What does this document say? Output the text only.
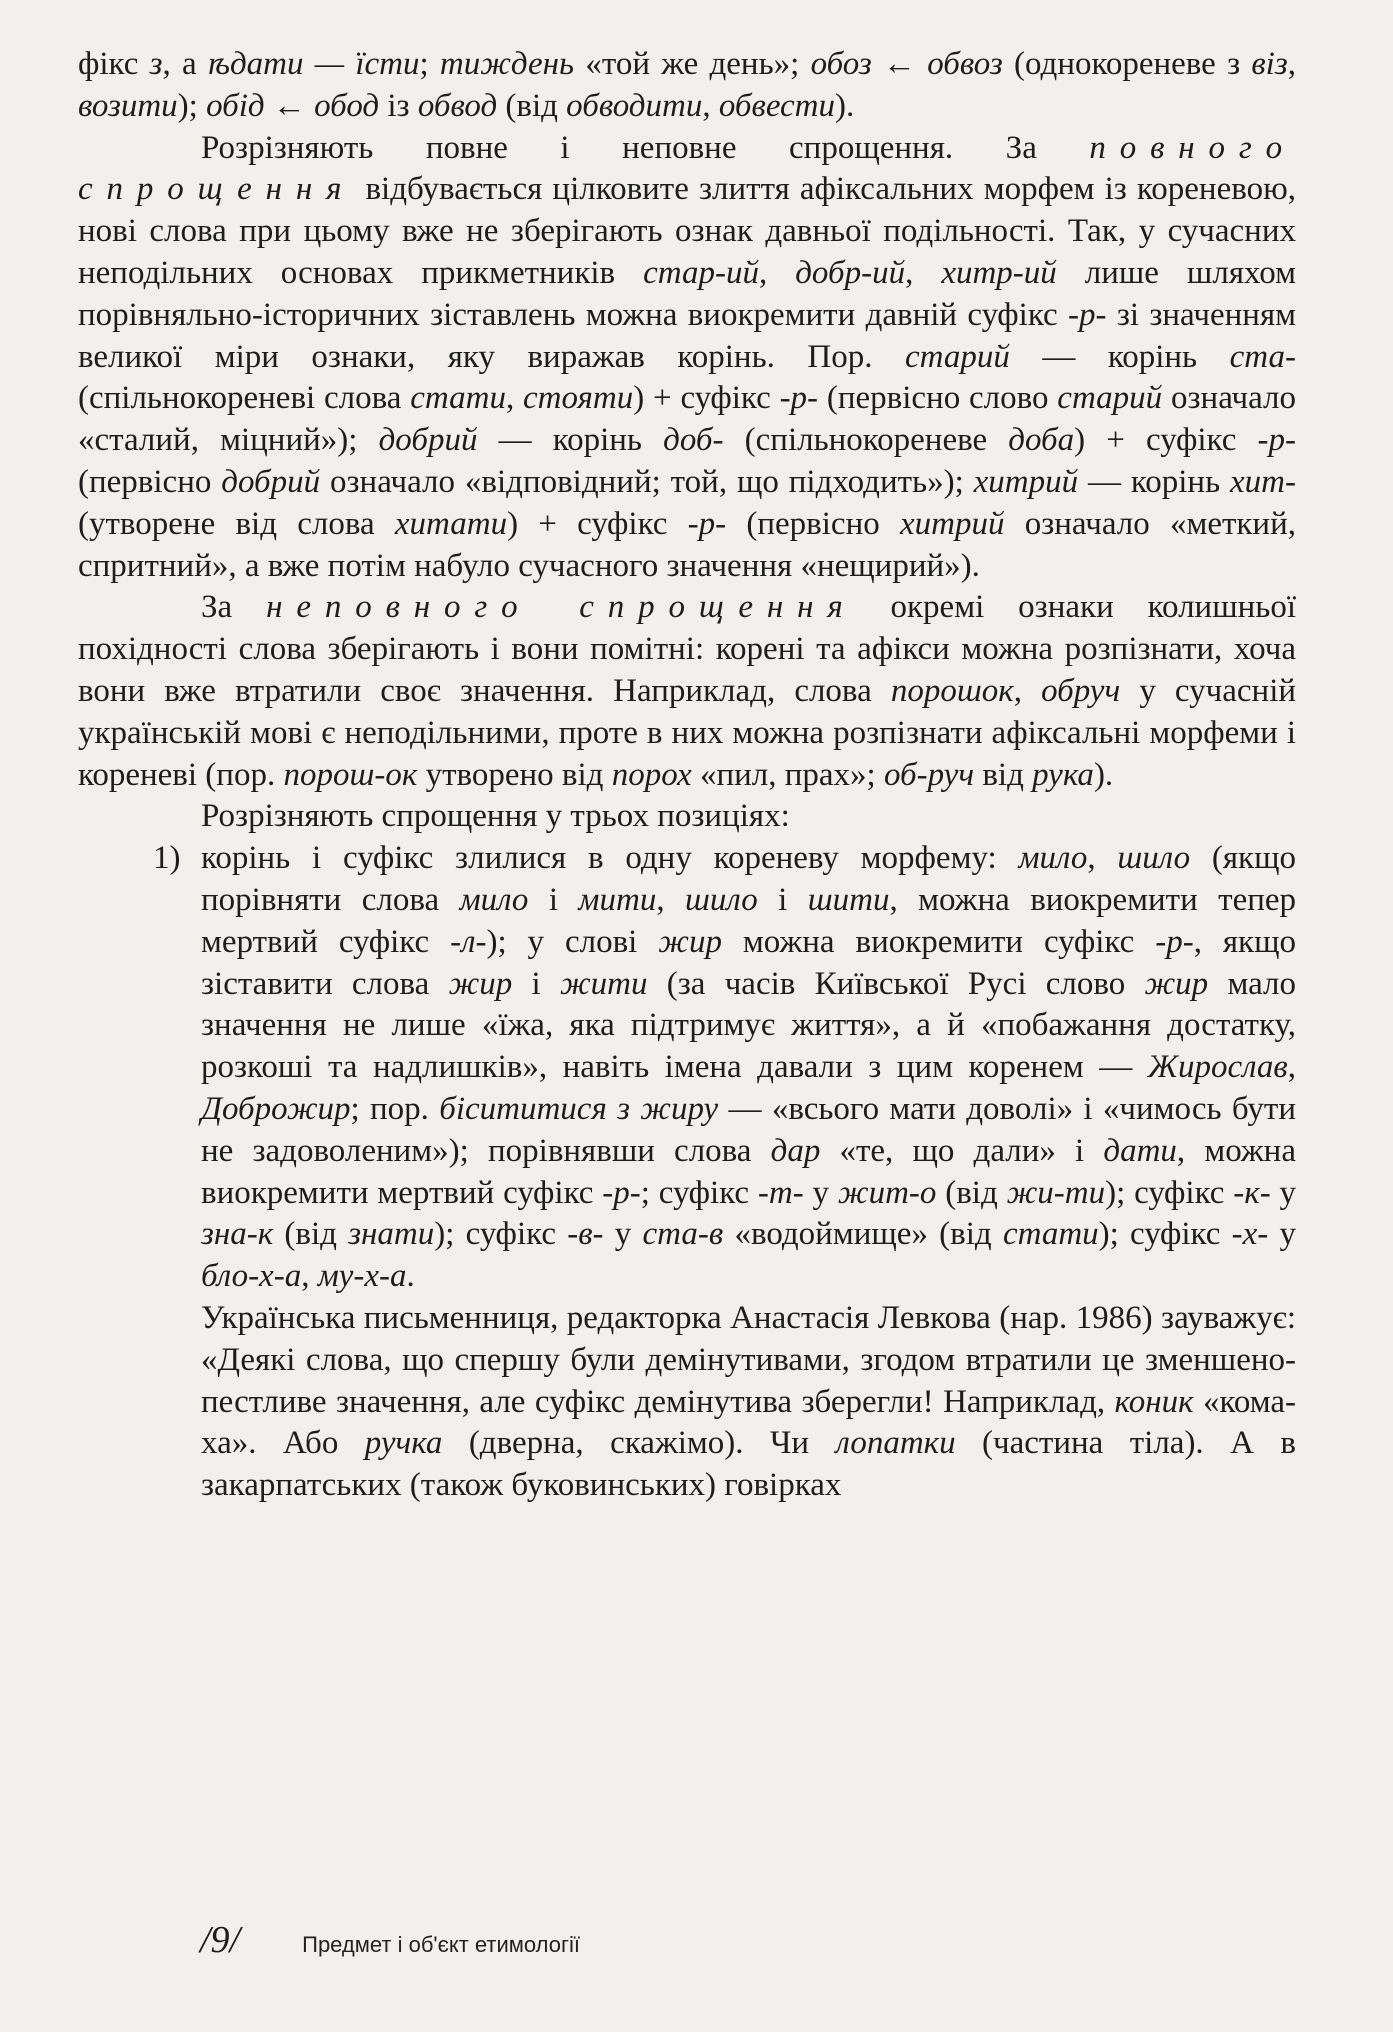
фікс з, а ѣдати — їсти; тиждень «той же день»; обоз ← обвоз (однокореневе з віз, возити); обід ← обод із обвод (від обводити, обвести).

Розрізняють повне і неповне спрощення. За повного спрощення відбувається цілковите злиття афіксальних морфем із кореневою, нові слова при цьому вже не зберігають ознак давньої подільності. Так, у сучасних неподільних основах прикметників стар-ий, добр-ий, хитр-ий лише шляхом порівняльно-історичних зіставлень можна виокремити давній суфікс -р- зі значенням великої міри ознаки, яку виражав корінь. Пор. старий — корінь ста- (спільнокореневі слова стати, стояти) + суфікс -р- (первісно слово старий означало «сталий, міцний»); добрий — корінь доб- (спільнокореневе доба) + суфікс -р- (первісно добрий означало «відповідний; той, що підходить»); хитрий — корінь хит- (утворене від слова хитати) + суфікс -р- (первісно хитрий означало «меткий, спритний», а вже потім набуло сучасного значення «нещирий»).

За неповного спрощення окремі ознаки колишньої похідності слова зберігають і вони помітні: корені та афікси можна розпізнати, хоча вони вже втратили своє значення. Наприклад, слова порошок, обруч у сучасній українській мові є неподільними, проте в них можна розпізнати афіксальні морфеми і кореневі (пор. порош-ок утворено від порох «пил, прах»; об-руч від рука).

Розрізняють спрощення у трьох позиціях:

1) корінь і суфікс злилися в одну кореневу морфему: мило, шило (якщо порівняти слова мило і мити, шило і шити, можна виокремити тепер мертвий суфікс -л-); у слові жир можна виокремити суфікс -р-, якщо зіставити слова жир і жити (за часів Київської Русі слово жир мало значення не лише «їжа, яка підтримує життя», а й «побажання достатку, розкоші та надлишків», навіть імена давали з цим коренем — Жирослав, Доброжир; пор. бісититися з жиру — «всього мати доволі» і «чимось бути не задоволеним»); порівнявши слова дар «те, що дали» і дати, можна виокремити мертвий суфікс -р-; суфікс -т- у жит-о (від жи-ти); суфікс -к- у зна-к (від знати); суфікс -в- у ста-в «водоймище» (від стати); суфікс -х- у бло-х-а, му-х-а.

Українська письменниця, редакторка Анастасія Левкова (нар. 1986) зауважує: «Деякі слова, що спершу були демінутивами, згодом втратили це зменшено-пестливе значення, але суфікс демінутива зберегли! Наприклад, коник «комаха». Або ручка (дверна, скажімо). Чи лопатки (частина тіла). А в закарпатських (також буковинських) говірках

/9/	Предмет і об'єкт етимології
